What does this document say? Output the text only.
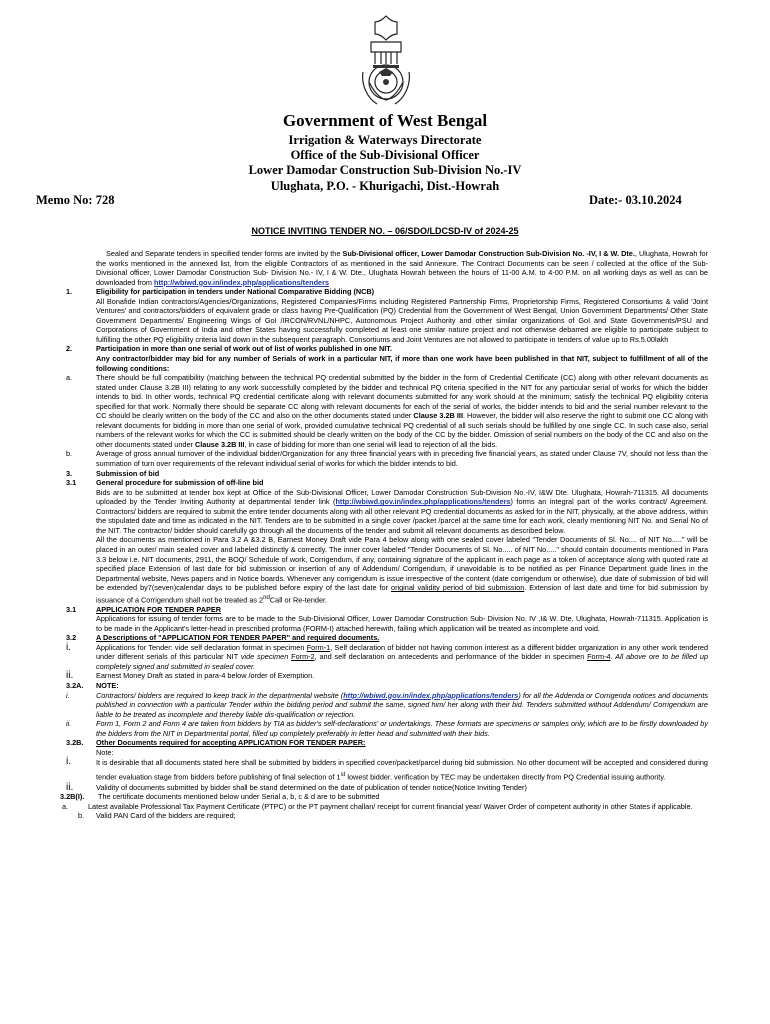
Government of West Bengal
Irrigation & Waterways Directorate
Office of the Sub-Divisional Officer
Lower Damodar Construction Sub-Division No.-IV
Ulughata, P.O. - Khurigachi, Dist.-Howrah
Memo No: 728	Date:- 03.10.2024
NOTICE INVITING TENDER NO. – 06/SDO/LDCSD-IV of 2024-25
Sealed and Separate tenders in specified tender forms are invited by the Sub-Divisional officer, Lower Damodar Construction Sub-Division No. -IV, I & W. Dte., Ulughata, Howrah for the works mentioned in the annexed list, from the eligible Contractors of as mentioned in the said Annexure. The Contract Documents can be seen / collected at the office of the Sub-Divisional officer, Lower Damodar Construction Sub- Division No.- IV, I & W. Dte., Ulughata Howrah between the hours of 11-00 A.M. to 4-00 P.M. on all working days as well as can be downloaded from http://wbiwd.gov.in/index.php/applications/tenders
1.	Eligibility for participation in tenders under National Comparative Bidding (NCB)
All Bonafide Indian contractors/Agencies/Organizations, Registered Companies/Firms including Registered Partnership Firms, Proprietorship Firms, Registered Consortiums & valid 'Joint Ventures' and contractors/bidders of equivalent grade or class having Pre-Qualification (PQ) Credential from the Government of West Bengal, Union Government Departments/ Other State Government Departments/ Engineering Wings of GoI /IRCON/RVNL/NHPC, Autonomous Project Authority and other similar organizations of GoI and State Governments/PSU and Corporations of Government of India and other States having successfully completed at least one similar nature project and not otherwise debarred are eligible to participate subject to fulfilling the other PQ eligibility criteria laid down in the subsequent paragraph. Consortiums and Joint Ventures are not allowed to participate in tenders of value up to Rs.5.00lakh
2.	Participation in more than one serial of work out of list of works published in one NIT.
Any contractor/bidder may bid for any number of Serials of work in a particular NIT, if more than one work have been published in that NIT, subject to fulfillment of all of the following conditions:
a.	There should be full compatibility (matching between the technical PQ credential submitted by the bidder in the form of Credential Certificate (CC) along with other relevant documents as stated under Clause 3.2B III) relating to any work successfully completed by the bidder and technical PQ criteria specified in the NIT for any particular serial of works for which the bidder intends to bid. In other words, technical PQ credential certificate along with relevant documents submitted for any work should at the minimum; satisfy the technical PQ eligibility criteria specified for that work. Normally there should be separate CC along with relevant documents for each of the serial of works, the bidder intends to bid and the serial number relevant to the CC should be clearly written on the body of the CC and also on the other documents stated under Clause 3.2B III. However, the bidder will also reserve the right to submit one CC along with relevant documents for bidding in more than one serial of work, provided cumulative technical PQ credential of all such serials should be fulfilled by one single CC. In such case also, serial numbers of the relevant works for which the CC is submitted should be clearly written on the body of the CC by the bidder. Omission of serial numbers on the body of the CC and also on the other documents stated under Clause 3.2B III, in case of bidding for more than one serial will lead to rejection of all the bids.
b.	Average of gross annual turnover of the individual bidder/Organization for any three financial years with in preceding five financial years, as stated under Clause 7V, should not less than the summation of turn over requirements of the relevant individual serial of works for which the bidder intends to bid.
3.	Submission of bid
3.1	General procedure for submission of off-line bid
Bids are to be submitted at tender box kept at Office of the Sub-Divisional Officer, Lower Damodar Construction Sub-Division No.-IV, I&W Dte. Ulughata, Howrah-711315. All documents uploaded by the Tender Inviting Authority at departmental tender link (http://wbiwd.gov.in/index.php/applications/tenders) forms an integral part of the works contract/ Agreement. Contractors/ bidders are required to submit the entire tender documents along with all other relevant PQ credential documents as asked for in the NIT, physically, at the above address, within the stipulated date and time as indicated in the NIT. Tenders are to be submitted in a single cover /packet /parcel at the same time for each work, clearly mentioning NIT No. and Serial No of the NIT. The contractor/ bidder should carefully go through all the documents of the tender and submit all relevant documents as described below.
All the documents as mentioned in Para 3.2 A &3.2 B, Earnest Money Draft vide Para 4 below along with one sealed cover labeled "Tender Documents of Sl. No.... of NIT No....." will be placed in an outer/ main sealed cover and labeled distinctly & correctly. The inner cover labeled "Tender Documents of Sl. No..... of NIT No....." should contain documents mentioned in Para 3.3 below i.e. NIT documents, 2911, the BOQ/ Schedule of work, Corrigendum, if any, containing signature of the applicant in each page as a token of acceptance along with quoted rate at specified place Extension of last date for bid submission or insertion of any of Addendum/ Corrigendum, if unavoidable is to be notified as per Finance Department guide lines in the Departmental website, News papers and in Notice boards. Whenever any corrigendum is issue irrespective of the content (date corrigendum or otherwise), due date of submission of bid will be extended by7(seven)calendar days to be published before expiry of the last date for original validity period of bid submission. Extension of last date and time for bid submission by issuance of a Corrigendum shall not be treated as 2ndCall or Re-tender.
3.1	APPLICATION FOR TENDER PAPER
Applications for issuing of tender forms are to be made to the Sub-Divisional Officer, Lower Damodar Construction Sub- Division No. IV ,I& W. Dte. Ulughata, Howrah-711315. Application is to be made in the Applicant's letter-head in prescribed proforma (FORM-I) attached herewith, failing which application will be treated as incomplete and void.
3.2	A Descriptions of "APPLICATION FOR TENDER PAPER" and required documents.
i.	Applications for Tender: vide self declaration format in specimen Form-1, Self declaration of bidder not having common interest as a different bidder organization in any other work tendered under different serials of this particular NIT vide specimen Form-2, and self declaration on antecedents and performance of the bidder in specimen Form-4. All above ore to be filled up completely signed and submitted in sealed cover.
ii.	Earnest Money Draft as stated in para-4 below /order of Exemption.
3.2A. NOTE:
i.	Contractors/ bidders are required to keep track in the departmental website (http://wbiwd.gov.in/index.php/applications/tenders) for all the Addenda or Corrigenda notices and documents published in connection with a particular Tender within the bidding period and submit the same, signed him/ her along with their bid. Tenders submitted without Addendum/ Corrigendum are liable to be treated as incomplete and thereby liable dis-qualification or rejection.
ii.	Form 1, Form 2 and Form 4 are taken from bidders by TIA as bidder's self-declarations' or undertakings. These formats are specimens or samples only, which are to be firstly downloaded by the bidders from the NIT in Departmental portal, filled up completely preferably in letter head and submitted with their bids.
3.2B. Other Documents required for accepting APPLICATION FOR TENDER PAPER:
Note:
i.	It is desirable that all documents stated here shall be submitted by bidders in specified cover/packet/parcel during bid submission. No other document will be accepted and considered during tender evaluation stage from bidders before publishing of final selection of 1st lowest bidder. verification by TEC may be undertaken directly from PQ Credential issuing authority.
ii.	Validity of documents submitted by bidder shall be stand determined on the date of publication of tender notice(Notice Inviting Tender)
3.2B(I). The certificate documents mentioned below under Serial a, b, c & d are to be submitted
a.	Latest available Professional Tax Payment Certificate (PTPC) or the PT payment challan/ receipt for current financial year/ Waiver Order of competent authority in other States if applicable.
b. Valid PAN Card of the bidders are required;
